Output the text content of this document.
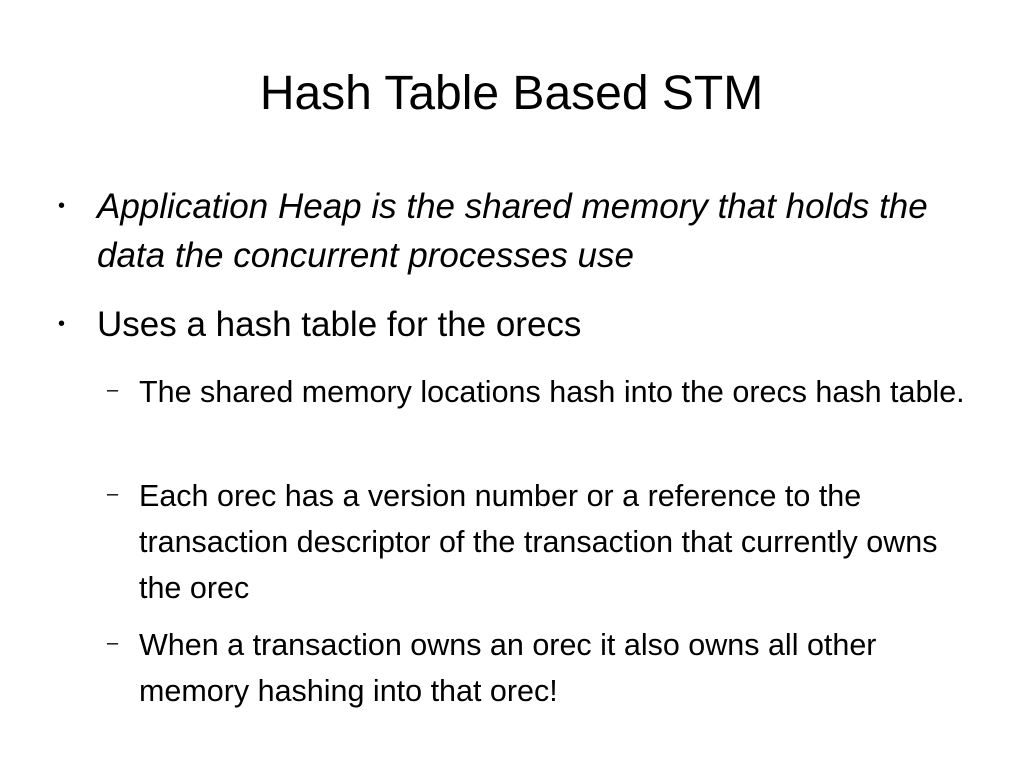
Hash Table Based STM
• Application Heap is the shared memory that holds the data the concurrent processes use
• Uses a hash table for the orecs
– The shared memory locations hash into the orecs hash table.
– Each orec has a version number or a reference to the transaction descriptor of the transaction that currently owns the orec
– When a transaction owns an orec it also owns all other memory hashing into that orec!
